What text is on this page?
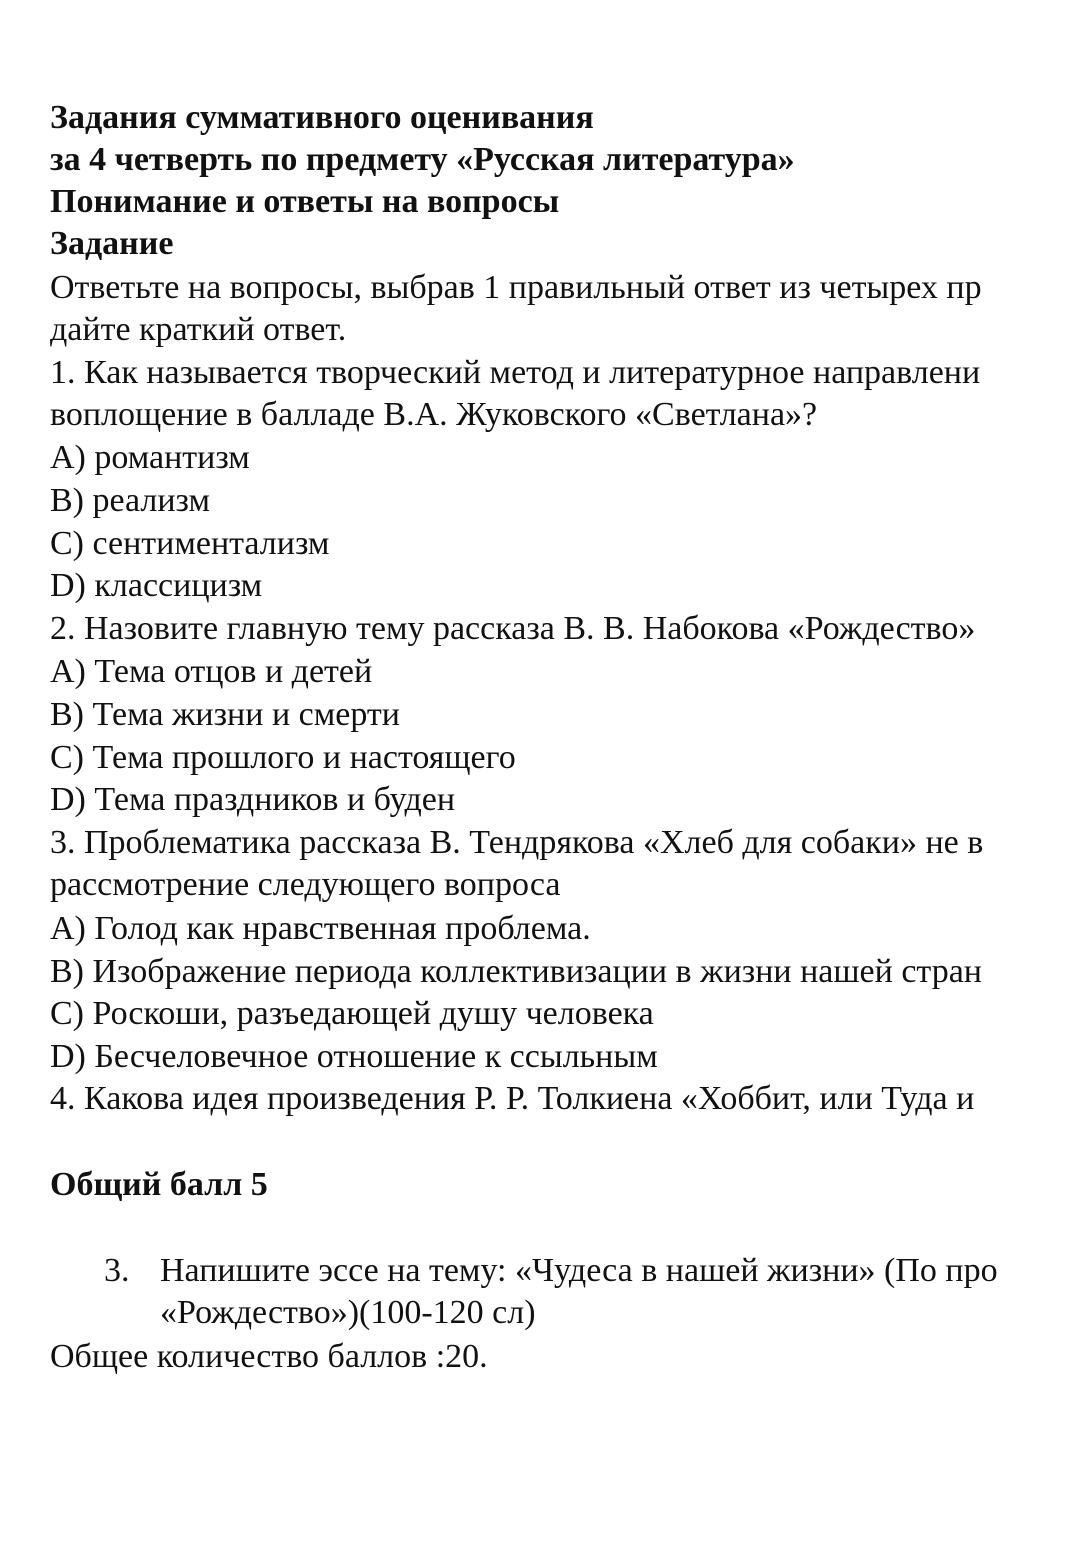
Задания суммативного оценивания
за 4 четверть по предмету «Русская литература»
Понимание и ответы на вопросы
Задание
Ответьте на вопросы, выбрав 1 правильный ответ из четырех пр
дайте краткий ответ.
1. Как называется творческий метод и литературное направлени
воплощение в балладе В.А. Жуковского «Светлана»?
А) романтизм
В) реализм
С) сентиментализм
D) классицизм
2. Назовите главную тему рассказа В. В. Набокова «Рождество»
А) Тема отцов и детей
В) Тема жизни и смерти
С) Тема прошлого и настоящего
D) Тема праздников и буден
3. Проблематика рассказа В. Тендрякова «Хлеб для собаки» не в
рассмотрение следующего вопроса
А) Голод как нравственная проблема.
В) Изображение периода коллективизации в жизни нашей стран
С) Роскоши, разъедающей душу человека
D) Бесчеловечное отношение к ссыльным
4. Какова идея произведения Р. Р. Толкиена «Хоббит, или Туда и
Общий балл 5
3. Напишите эссе на тему: «Чудеса в нашей жизни» (По про
«Рождество»)(100-120 сл)
Общее количество баллов :20.
